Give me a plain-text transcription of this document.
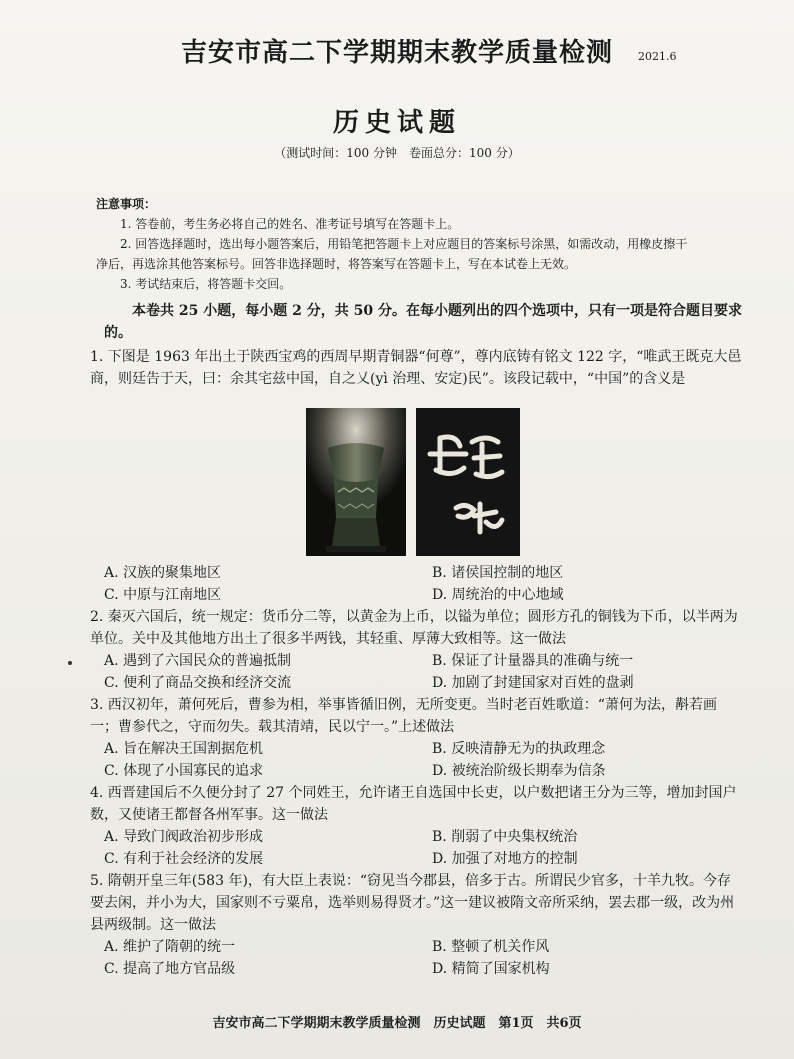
吉安市高二下学期期末教学质量检测	2021.6
历史试题
（测试时间：100 分钟　卷面总分：100 分）
注意事项：
1. 答卷前，考生务必将自己的姓名、准考证号填写在答题卡上。
2. 回答选择题时，选出每小题答案后，用铅笔把答题卡上对应题目的答案标号涂黑，如需改动，用橡皮擦干
净后，再选涂其他答案标号。回答非选择题时，将答案写在答题卡上，写在本试卷上无效。
3. 考试结束后，将答题卡交回。
本卷共 25 小题，每小题 2 分，共 50 分。在每小题列出的四个选项中，只有一项是符合题目要求的。
1. 下图是 1963 年出土于陕西宝鸡的西周早期青铜器“何尊”，尊内底铸有铭文 122 字，“唯武王既克大邑商，则廷告于天，曰：余其宅兹中国，自之乂(yì 治理、安定)民”。该段记载中，“中国”的含义是
A. 汉族的聚集地区	B. 诸侯国控制的地区
C. 中原与江南地区	D. 周统治的中心地域
2. 秦灭六国后，统一规定：货币分二等，以黄金为上币，以镒为单位；圆形方孔的铜钱为下币，以半两为单位。关中及其他地方出土了很多半两钱，其轻重、厚薄大致相等。这一做法
A. 遇到了六国民众的普遍抵制	B. 保证了计量器具的准确与统一
C. 便利了商品交换和经济交流	D. 加剧了封建国家对百姓的盘剥
3. 西汉初年，萧何死后，曹参为相，举事皆循旧例，无所变更。当时老百姓歌道：“萧何为法，斠若画一；曹参代之，守而勿失。载其清靖，民以宁一。”上述做法
A. 旨在解决王国割据危机	B. 反映清静无为的执政理念
C. 体现了小国寡民的追求	D. 被统治阶级长期奉为信条
4. 西晋建国后不久便分封了 27 个同姓王，允许诸王自选国中长吏，以户数把诸王分为三等，增加封国户数，又使诸王都督各州军事。这一做法
A. 导致门阀政治初步形成	B. 削弱了中央集权统治
C. 有利于社会经济的发展	D. 加强了对地方的控制
5. 隋朝开皇三年(583 年)，有大臣上表说：“窃见当今郡县，倍多于古。所谓民少官多，十羊九牧。今存要去闲，并小为大，国家则不亏粟帛，选举则易得贤才。”这一建议被隋文帝所采纳，罢去郡一级，改为州县两级制。这一做法
A. 维护了隋朝的统一	B. 整顿了机关作风
C. 提高了地方官品级	D. 精简了国家机构
吉安市高二下学期期末教学质量检测　历史试题　第1页　共6页
